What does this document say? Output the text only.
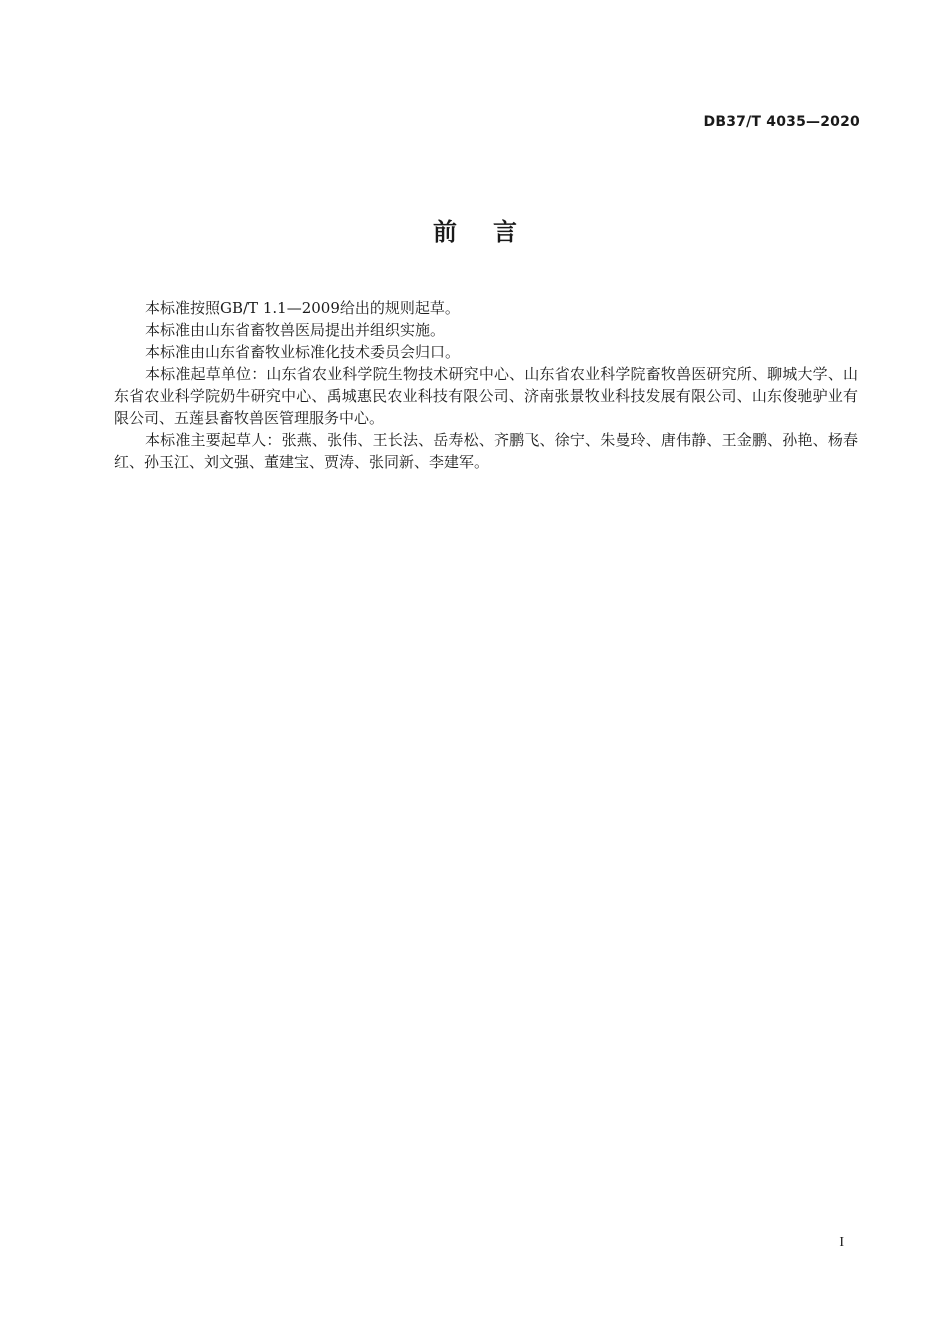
DB37/T 4035—2020
前言

本标准按照GB/T 1.1—2009给出的规则起草。

本标准由山东省畜牧兽医局提出并组织实施。

本标准由山东省畜牧业标准化技术委员会归口。

本标准起草单位：山东省农业科学院生物技术研究中心、山东省农业科学院畜牧兽医研究所、聊城大学、山东省农业科学院奶牛研究中心、禹城惠民农业科技有限公司、济南张景牧业科技发展有限公司、山东俊驰驴业有限公司、五莲县畜牧兽医管理服务中心。

本标准主要起草人：张燕、张伟、王长法、岳寿松、齐鹏飞、徐宁、朱曼玲、唐伟静、王金鹏、孙艳、杨春红、孙玉江、刘文强、董建宝、贾涛、张同新、李建军。

I
